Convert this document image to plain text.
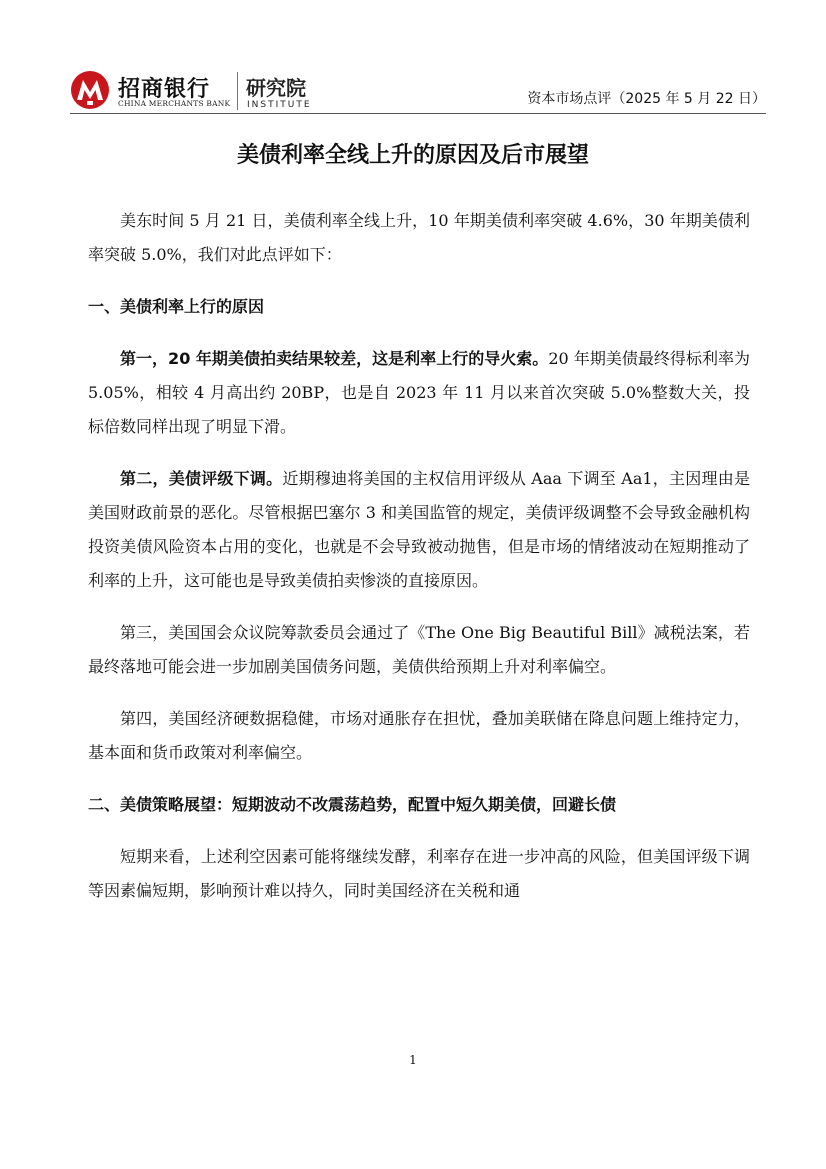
招商银行
CHINA MERCHANTS BANK
研究院
INSTITUTE	资本市场点评（2025 年 5 月 22 日）
美债利率全线上升的原因及后市展望

美东时间 5 月 21 日，美债利率全线上升，10 年期美债利率突破 4.6%，30 年期美债利率突破 5.0%，我们对此点评如下：

一、美债利率上行的原因

第一，20 年期美债拍卖结果较差，这是利率上行的导火索。20 年期美债最终得标利率为 5.05%，相较 4 月高出约 20BP，也是自 2023 年 11 月以来首次突破 5.0%整数大关，投标倍数同样出现了明显下滑。

第二，美债评级下调。近期穆迪将美国的主权信用评级从 Aaa 下调至 Aa1，主因理由是美国财政前景的恶化。尽管根据巴塞尔 3 和美国监管的规定，美债评级调整不会导致金融机构投资美债风险资本占用的变化，也就是不会导致被动抛售，但是市场的情绪波动在短期推动了利率的上升，这可能也是导致美债拍卖惨淡的直接原因。

第三，美国国会众议院筹款委员会通过了《The One Big Beautiful Bill》减税法案，若最终落地可能会进一步加剧美国债务问题，美债供给预期上升对利率偏空。

第四，美国经济硬数据稳健，市场对通胀存在担忧，叠加美联储在降息问题上维持定力，基本面和货币政策对利率偏空。

二、美债策略展望：短期波动不改震荡趋势，配置中短久期美债，回避长债

短期来看，上述利空因素可能将继续发酵，利率存在进一步冲高的风险，但美国评级下调等因素偏短期，影响预计难以持久，同时美国经济在关税和通

1
